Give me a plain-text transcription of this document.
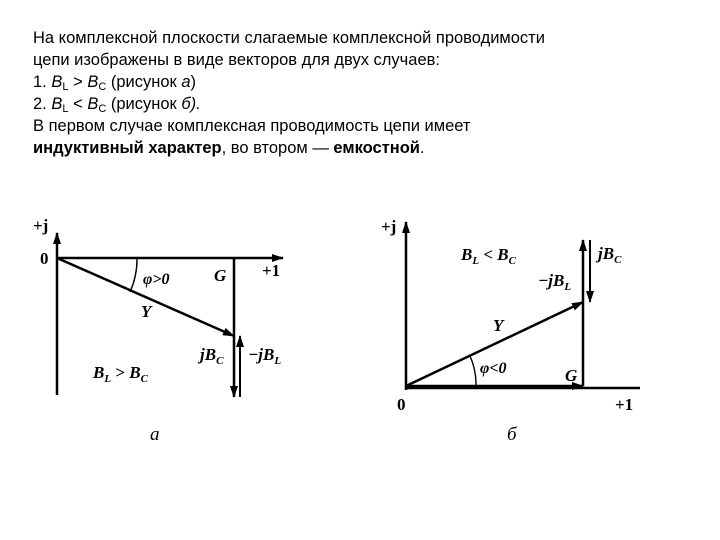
На комплексной плоскости слагаемые комплексной проводимости
цепи изображены в виде векторов для двух случаев:
1. $B_L > B_C$ (рисунок а)
2. $B_L < B_C$ (рисунок б).
В первом случае комплексная проводимость цепи имеет
индуктивный характер, во втором — емкостной.
+j
+1
0
G
Y
φ>0
$jB_C -jB_L$
$B_L > B_C$
а
+j
+1
0
G
Y
φ<0
$jB_C$
$-jB_L$
$B_L < B_C$
б
